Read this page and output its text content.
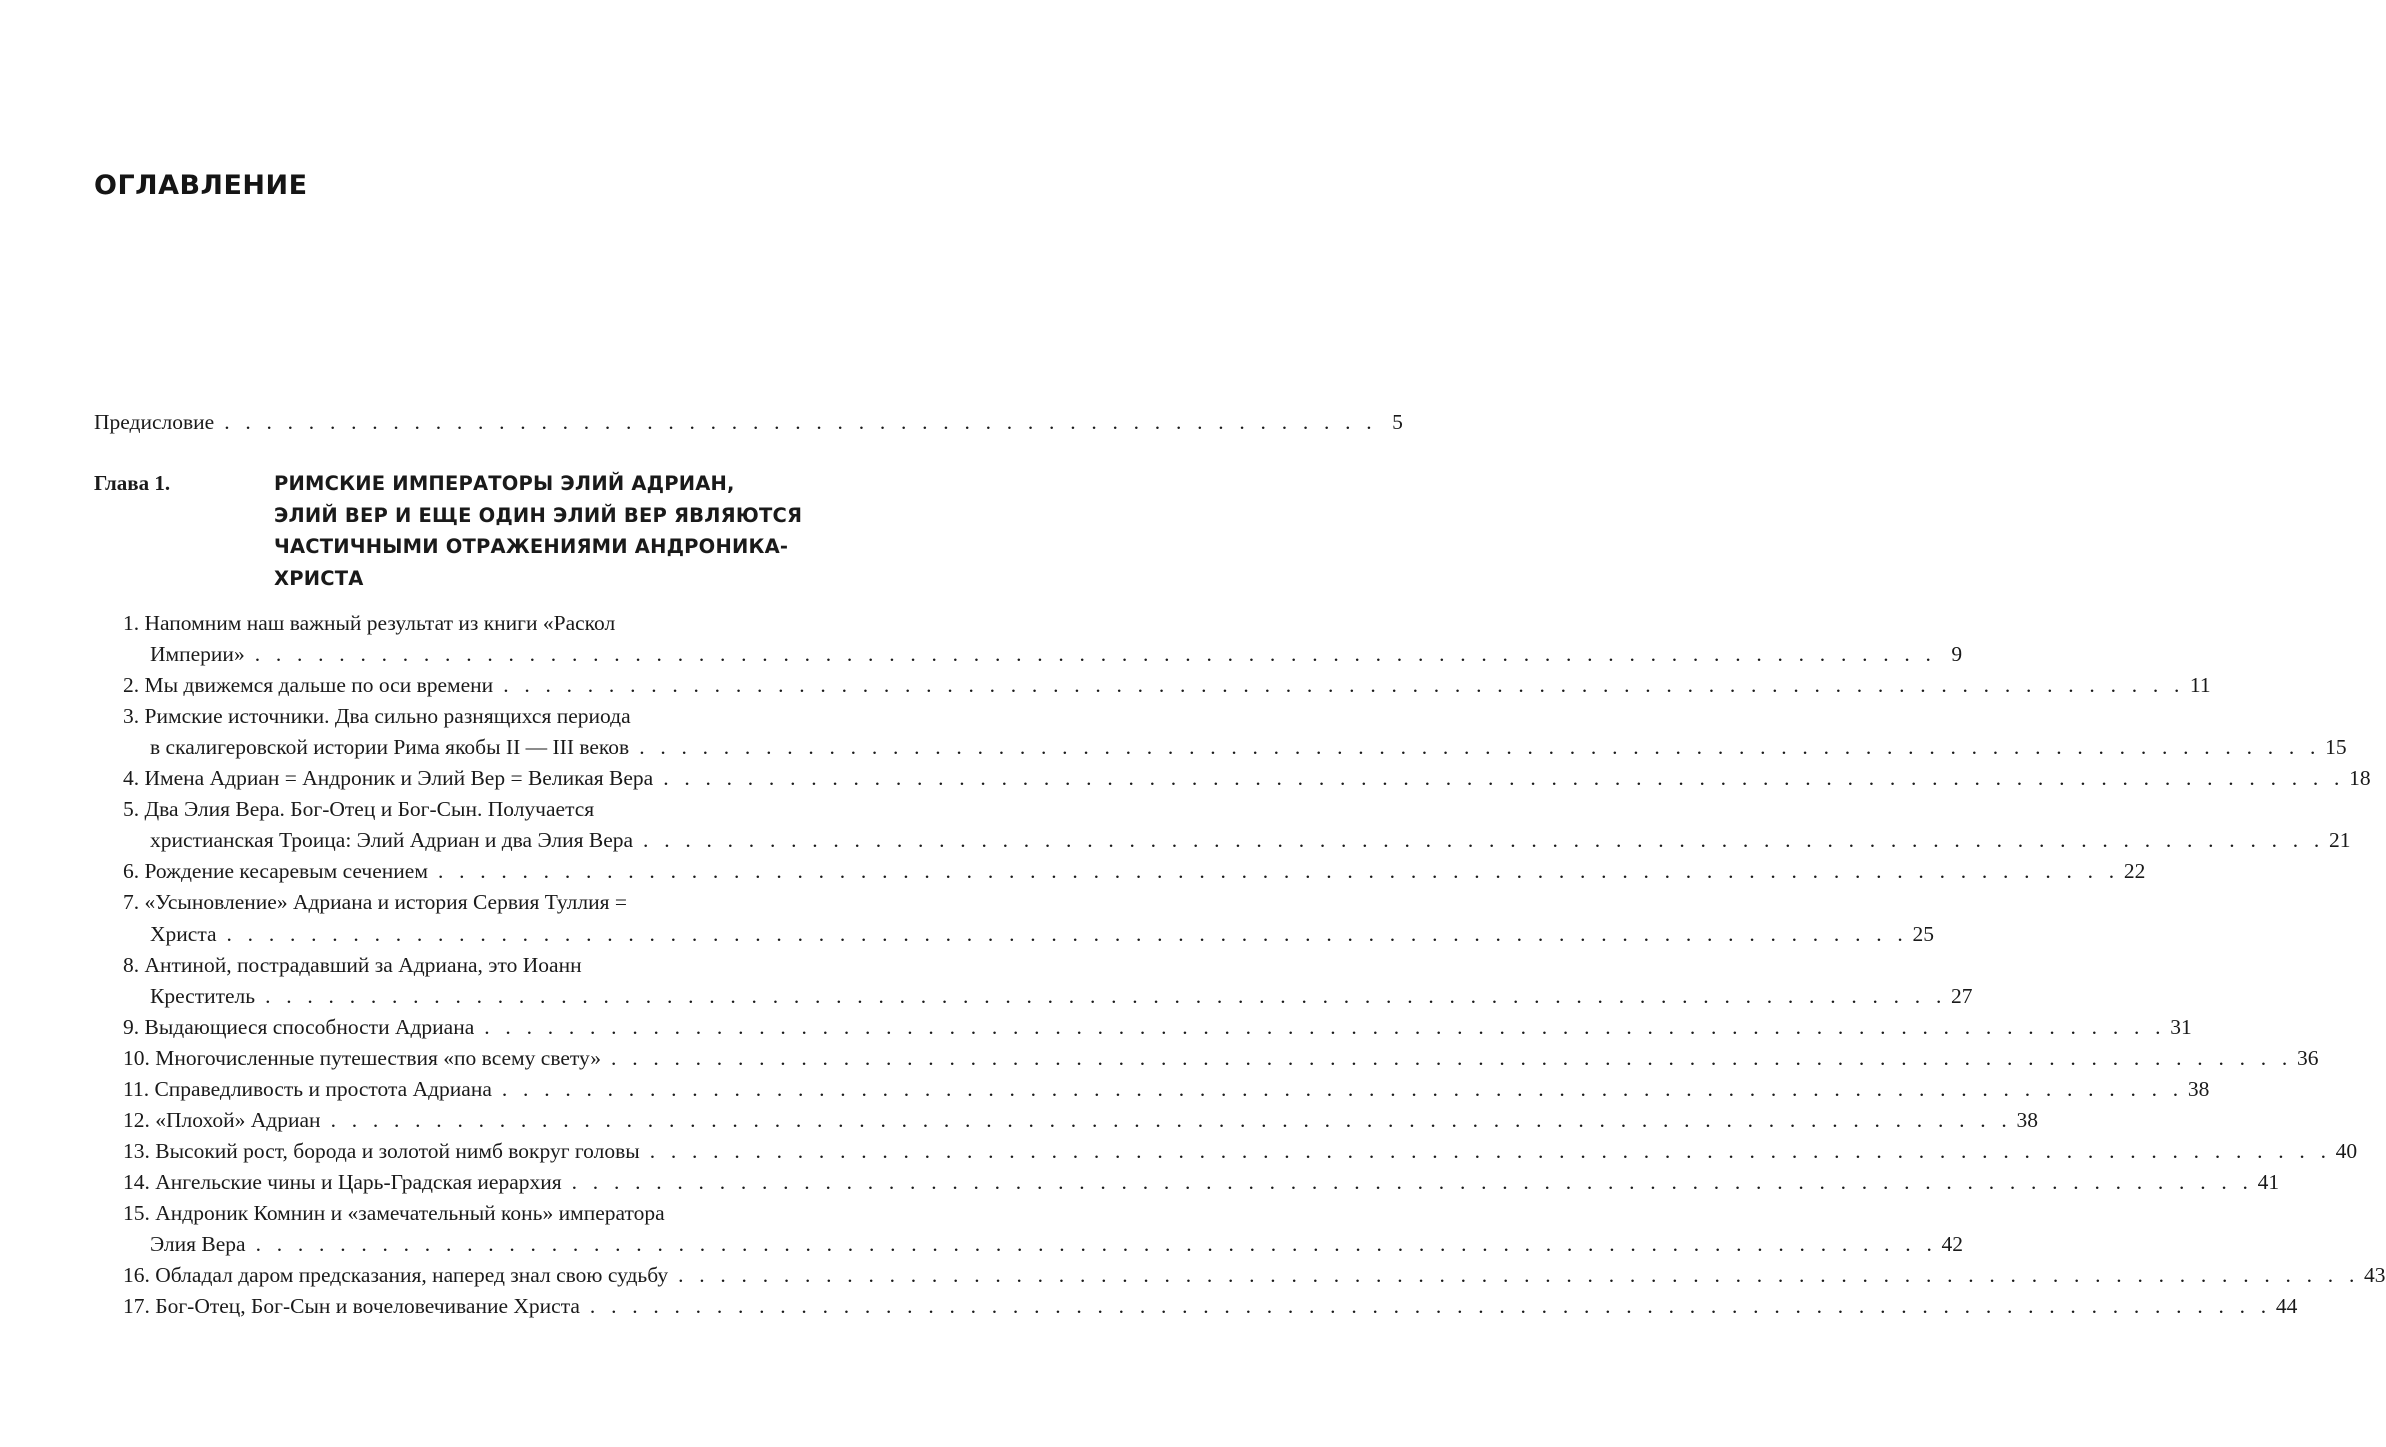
ОГЛАВЛЕНИЕ
Предисловие . . . . . . . . . . . . . . . . . . . . . . . . . . . . . . . . . . . . . . . . . . . . . . . . . . . . . . . 5
Глава 1.	РИМСКИЕ ИМПЕРАТОРЫ ЭЛИЙ АДРИАН,
ЭЛИЙ ВЕР И ЕЩЕ ОДИН ЭЛИЙ ВЕР ЯВЛЯЮТСЯ
ЧАСТИЧНЫМИ ОТРАЖЕНИЯМИ АНДРОНИКА-
ХРИСТА
1. Напомним наш важный результат из книги «Раскол
Империи» . . . . . . . . . . . . . . . . . . . . . . . . . . . . . . . . . . . . . . . . . . . . . . . . . . . . . . . . . . . . . . . . . . . . . . . . . . . . . . . . 9
2. Мы движемся дальше по оси времени . . . . . . . . . . . . . . . . . . . . . . . . . . . . . . . . . . . . . . . . . . . . . . . . . . . . . . . . . . . . . . . . . . . . . . . . . . . . . . . . 11
3. Римские источники. Два сильно разнящихся периода
в скалигеровской истории Рима якобы II — III веков . . . . . . . . . . . . . . . . . . . . . . . . . . . . . . . . . . . . . . . . . . . . . . . . . . . . . . . . . . . . . . . . . . . . . . . . . . . . . . . . 15
4. Имена Адриан = Андроник и Элий Вер = Великая Вера . . . . . . . . . . . . . . . . . . . . . . . . . . . . . . . . . . . . . . . . . . . . . . . . . . . . . . . . . . . . . . . . . . . . . . . . . . . . . . . . 18
5. Два Элия Вера. Бог-Отец и Бог-Сын. Получается
христианская Троица: Элий Адриан и два Элия Вера . . . . . . . . . . . . . . . . . . . . . . . . . . . . . . . . . . . . . . . . . . . . . . . . . . . . . . . . . . . . . . . . . . . . . . . . . . . . . . . . 21
6. Рождение кесаревым сечением . . . . . . . . . . . . . . . . . . . . . . . . . . . . . . . . . . . . . . . . . . . . . . . . . . . . . . . . . . . . . . . . . . . . . . . . . . . . . . . . 22
7. «Усыновление» Адриана и история Сервия Туллия =
Христа . . . . . . . . . . . . . . . . . . . . . . . . . . . . . . . . . . . . . . . . . . . . . . . . . . . . . . . . . . . . . . . . . . . . . . . . . . . . . . . . 25
8. Антиной, пострадавший за Адриана, это Иоанн
Креститель . . . . . . . . . . . . . . . . . . . . . . . . . . . . . . . . . . . . . . . . . . . . . . . . . . . . . . . . . . . . . . . . . . . . . . . . . . . . . . . . 27
9. Выдающиеся способности Адриана . . . . . . . . . . . . . . . . . . . . . . . . . . . . . . . . . . . . . . . . . . . . . . . . . . . . . . . . . . . . . . . . . . . . . . . . . . . . . . . . 31
10. Многочисленные путешествия «по всему свету» . . . . . . . . . . . . . . . . . . . . . . . . . . . . . . . . . . . . . . . . . . . . . . . . . . . . . . . . . . . . . . . . . . . . . . . . . . . . . . . . 36
11. Справедливость и простота Адриана . . . . . . . . . . . . . . . . . . . . . . . . . . . . . . . . . . . . . . . . . . . . . . . . . . . . . . . . . . . . . . . . . . . . . . . . . . . . . . . . 38
12. «Плохой» Адриан . . . . . . . . . . . . . . . . . . . . . . . . . . . . . . . . . . . . . . . . . . . . . . . . . . . . . . . . . . . . . . . . . . . . . . . . . . . . . . . . 38
13. Высокий рост, борода и золотой нимб вокруг головы . . . . . . . . . . . . . . . . . . . . . . . . . . . . . . . . . . . . . . . . . . . . . . . . . . . . . . . . . . . . . . . . . . . . . . . . . . . . . . . . 40
14. Ангельские чины и Царь-Градская иерархия . . . . . . . . . . . . . . . . . . . . . . . . . . . . . . . . . . . . . . . . . . . . . . . . . . . . . . . . . . . . . . . . . . . . . . . . . . . . . . . . 41
15. Андроник Комнин и «замечательный конь» императора
Элия Вера . . . . . . . . . . . . . . . . . . . . . . . . . . . . . . . . . . . . . . . . . . . . . . . . . . . . . . . . . . . . . . . . . . . . . . . . . . . . . . . . 42
16. Обладал даром предсказания, наперед знал свою судьбу . . . . . . . . . . . . . . . . . . . . . . . . . . . . . . . . . . . . . . . . . . . . . . . . . . . . . . . . . . . . . . . . . . . . . . . . . . . . . . . . 43
17. Бог-Отец, Бог-Сын и вочеловечивание Христа . . . . . . . . . . . . . . . . . . . . . . . . . . . . . . . . . . . . . . . . . . . . . . . . . . . . . . . . . . . . . . . . . . . . . . . . . . . . . . . . 44
